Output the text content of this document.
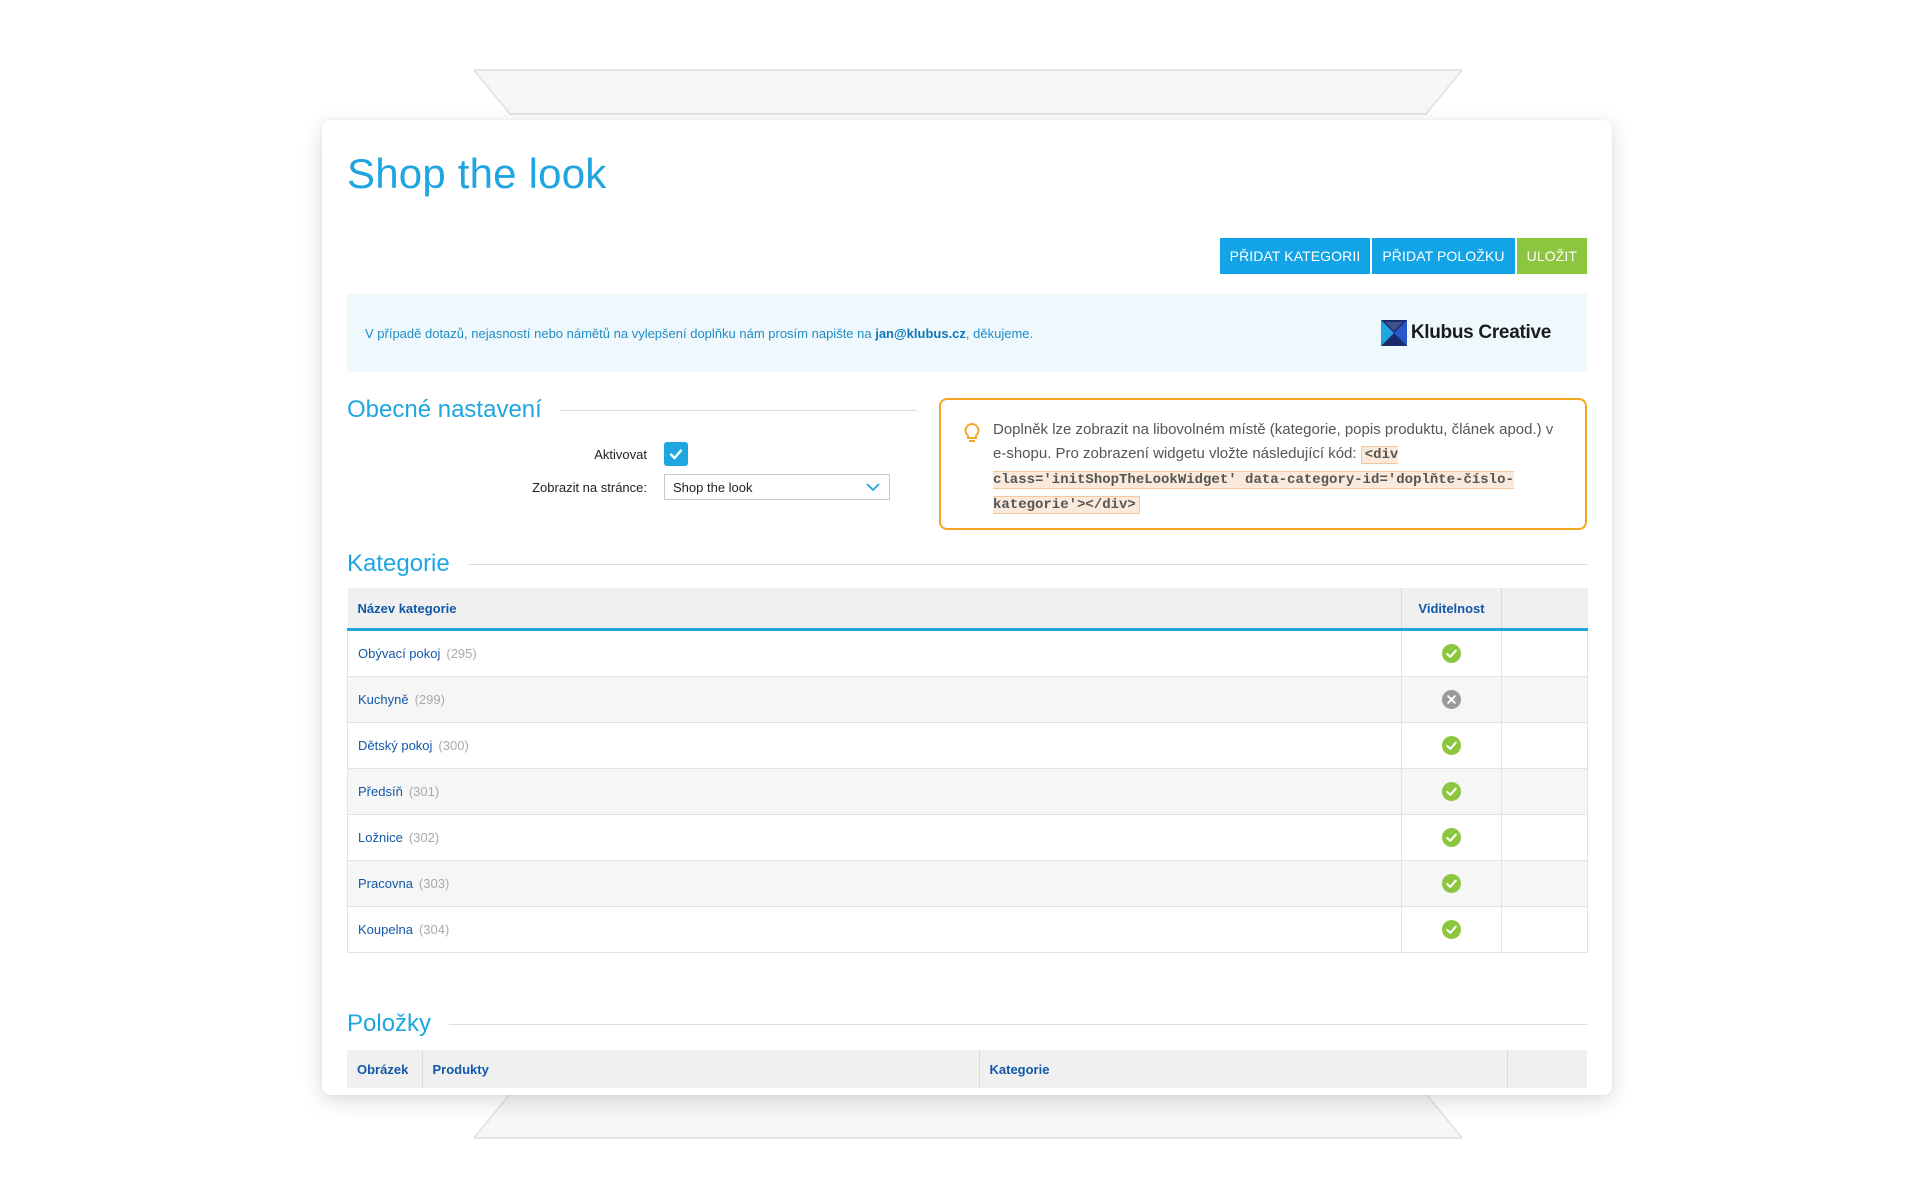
Shop the look
PŘIDAT KATEGORII	PŘIDAT POLOŽKU	ULOŽIT
V případě dotazů, nejasností nebo námětů na vylepšení doplňku nám prosím napište na jan@klubus.cz, děkujeme.	Klubus Creative
Obecné nastavení
Aktivovat
Zobrazit na stránce: Shop the look
Doplněk lze zobrazit na libovolném místě (kategorie, popis produktu, článek apod.) v e-shopu. Pro zobrazení widgetu vložte následující kód: <div class='initShopTheLookWidget' data-category-id='doplňte-číslo-kategorie'></div>
Kategorie
Název kategorie	Viditelnost	
Obývací pokoj (295)		
Kuchyně (299)		
Dětský pokoj (300)		
Předsíň (301)		
Ložnice (302)		
Pracovna (303)		
Koupelna (304)		
Položky
Obrázek	Produkty	Kategorie	
